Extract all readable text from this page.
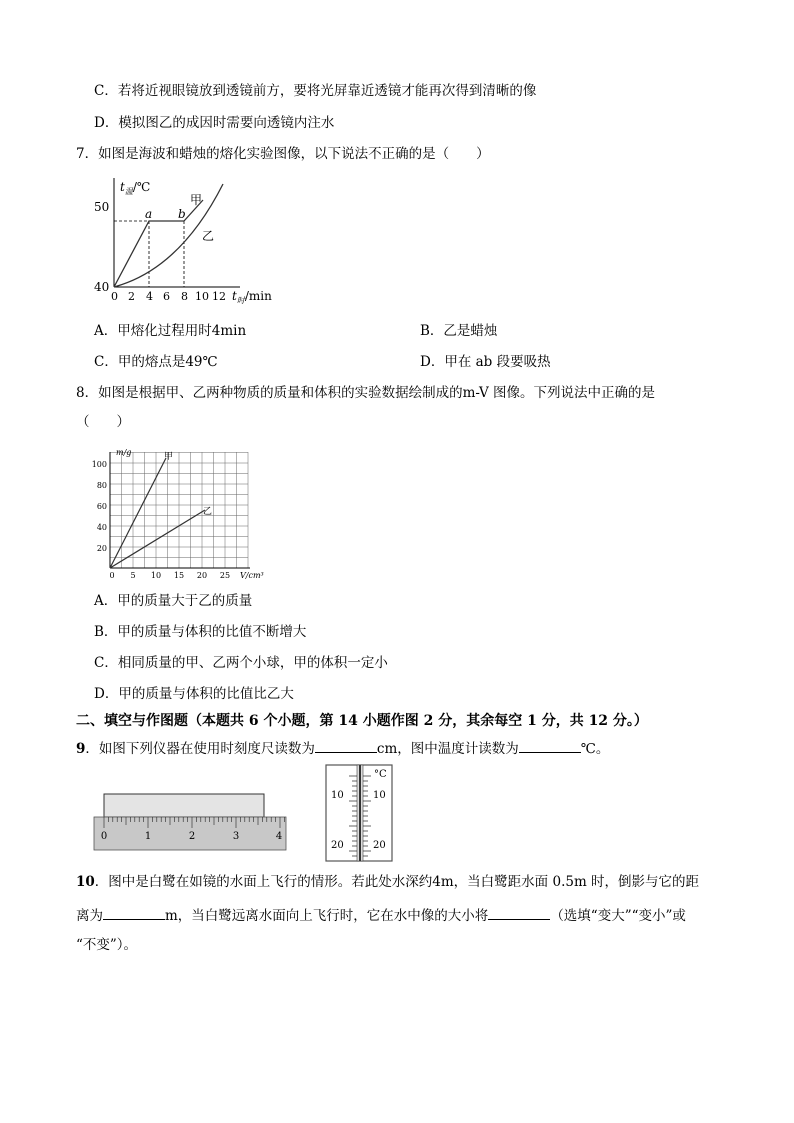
C．若将近视眼镜放到透镜前方，要将光屏靠近透镜才能再次得到清晰的像
D．模拟图乙的成因时需要向透镜内注水
7．如图是海波和蜡烛的熔化实验图像，以下说法不正确的是（　　）
$t_温/℃$
50
40
a b
甲
乙
0 2 4 6 8 10 12 $t_时/\min$
A．甲熔化过程用时4min	B．乙是蜡烛
C．甲的熔点是49℃	D．甲在 ab 段要吸热
8．如图是根据甲、乙两种物质的质量和体积的实验数据绘制成的m-V 图像。下列说法中正确的是
（　　）
m/g	甲
乙
100
80
60
40
20
0 5 10 15 20 25 V/cm³
A．甲的质量大于乙的质量
B．甲的质量与体积的比值不断增大
C．相同质量的甲、乙两个小球，甲的体积一定小
D．甲的质量与体积的比值比乙大
二、填空与作图题（本题共 6 个小题，第 14 小题作图 2 分，其余每空 1 分，共 12 分。）
9．如图下列仪器在使用时刻度尺读数为	cm，图中温度计读数为	℃。
0	1	2	3	4
°C
10	10
20	20
10．图中是白鹭在如镜的水面上飞行的情形。若此处水深约4m，当白鹭距水面 0.5m 时，倒影与它的距
离为	m，当白鹭远离水面向上飞行时，它在水中像的大小将	（选填“变大”“变小”或
“不变”）。
